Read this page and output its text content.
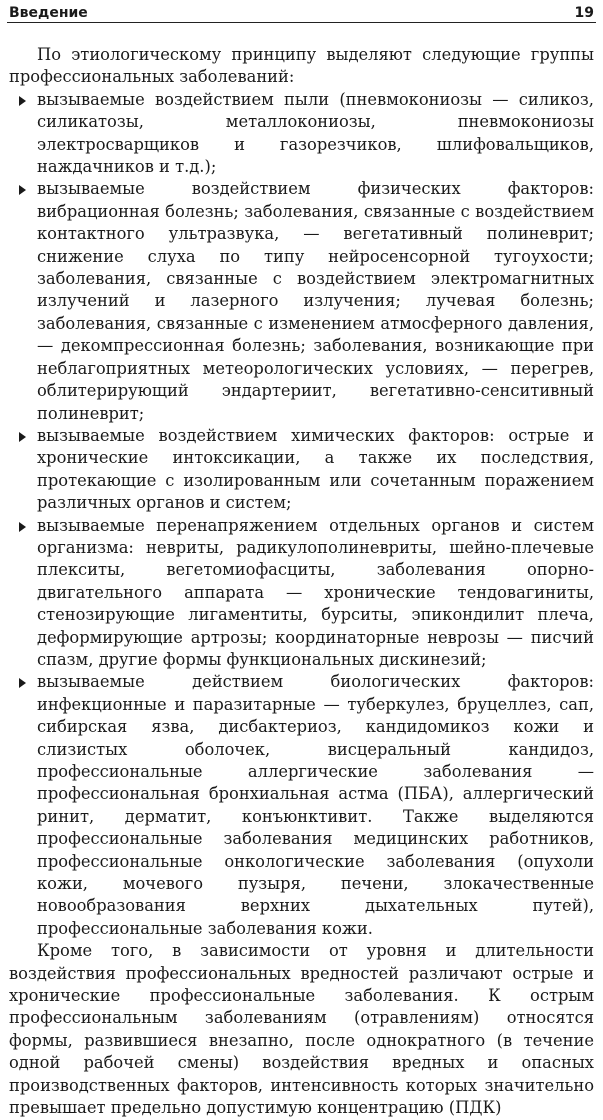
Введение	19

По этиологическому принципу выделяют следующие группы профессиональных заболеваний:

вызываемые воздействием пыли (пневмокониозы — силикоз, силикатозы, металлокониозы, пневмокониозы электросварщиков и газорезчиков, шлифовальщиков, наждачников и т.д.);
вызываемые воздействием физических факторов: вибрационная болезнь; заболевания, связанные с воздействием контактного ультразвука, — вегетативный полиневрит; снижение слуха по типу нейросенсорной тугоухости; заболевания, связанные с воздействием электромагнитных излучений и лазерного излучения; лучевая болезнь; заболевания, связанные с изменением атмосферного давления, — декомпрессионная болезнь; заболевания, возникающие при неблагоприятных метеорологических условиях, — перегрев, облитерирующий эндартериит, вегетативно-сенситивный полиневрит;
вызываемые воздействием химических факторов: острые и хронические интоксикации, а также их последствия, протекающие с изолированным или сочетанным поражением различных органов и систем;
вызываемые перенапряжением отдельных органов и систем организма: невриты, радикулополиневриты, шейно-плечевые плекситы, вегетомиофасциты, заболевания опорно-двигательного аппарата — хронические тендовагиниты, стенозирующие лигаментиты, бурситы, эпикондилит плеча, деформирующие артрозы; координаторные неврозы — писчий спазм, другие формы функциональных дискинезий;
вызываемые действием биологических факторов: инфекционные и паразитарные — туберкулез, бруцеллез, сап, сибирская язва, дисбактериоз, кандидомикоз кожи и слизистых оболочек, висцеральный кандидоз, профессиональные аллергические заболевания — профессиональная бронхиальная астма (ПБА), аллергический ринит, дерматит, конъюнктивит. Также выделяются профессиональные заболевания медицинских работников, профессиональные онкологические заболевания (опухоли кожи, мочевого пузыря, печени, злокачественные новообразования верхних дыхательных путей), профессиональные заболевания кожи.

Кроме того, в зависимости от уровня и длительности воздействия профессиональных вредностей различают острые и хронические профессиональные заболевания. К острым профессиональным заболеваниям (отравлениям) относятся формы, развившиеся внезапно, после однократного (в течение одной рабочей смены) воздействия вредных и опасных производственных факторов, интенсивность которых значительно превышает предельно допустимую концентрацию (ПДК)
